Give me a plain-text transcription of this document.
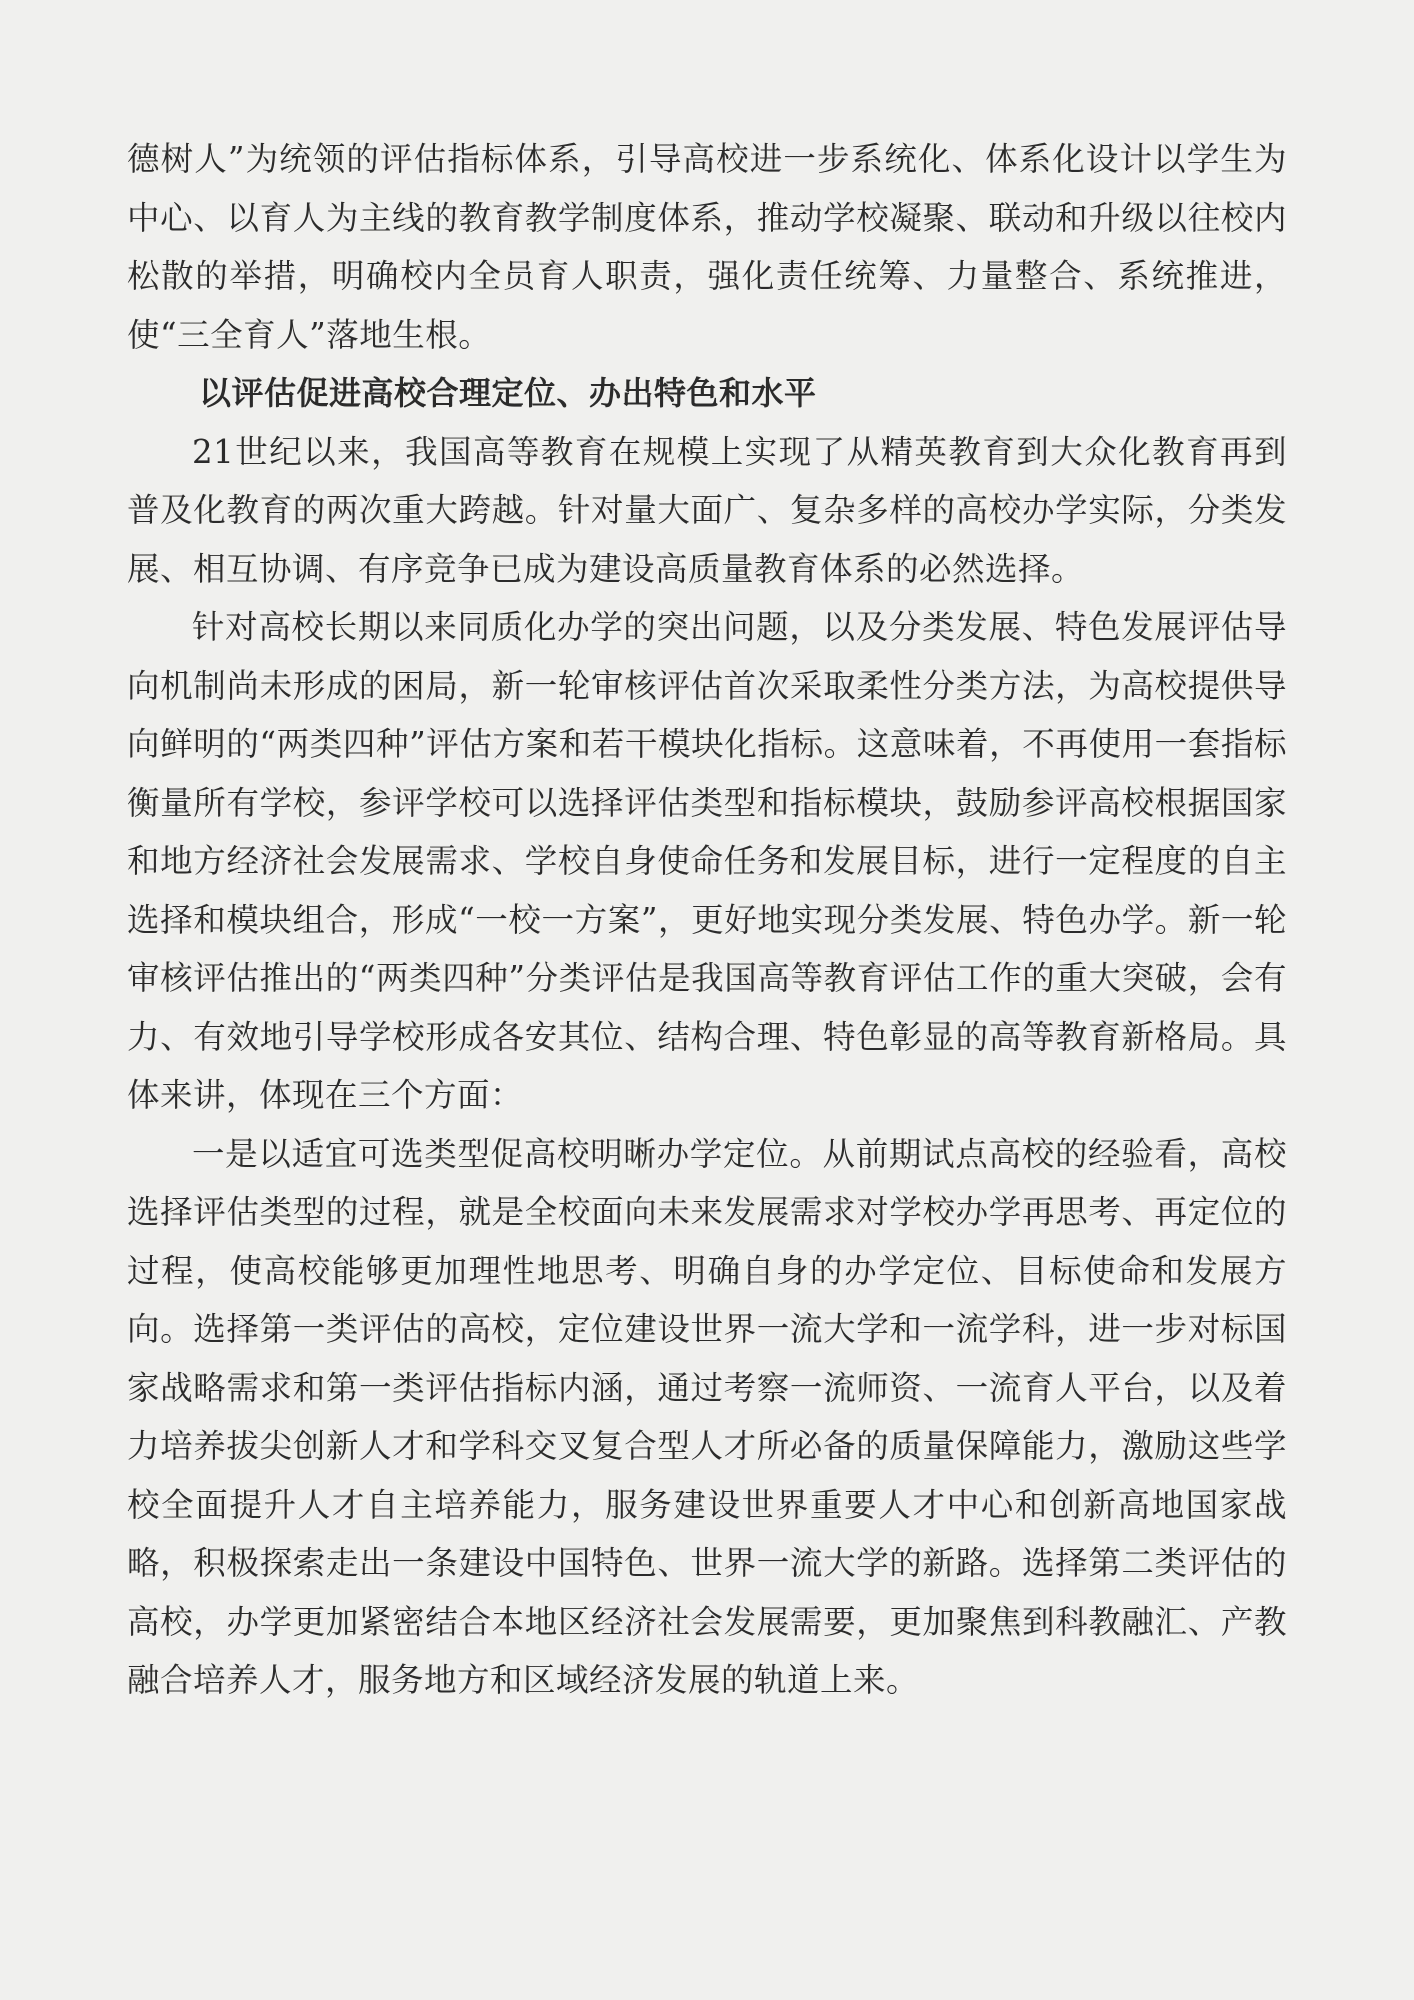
德树人”为统领的评估指标体系，引导高校进一步系统化、体系化设计以学生为中心、以育人为主线的教育教学制度体系，推动学校凝聚、联动和升级以往校内松散的举措，明确校内全员育人职责，强化责任统筹、力量整合、系统推进，使“三全育人”落地生根。

以评估促进高校合理定位、办出特色和水平

21世纪以来，我国高等教育在规模上实现了从精英教育到大众化教育再到普及化教育的两次重大跨越。针对量大面广、复杂多样的高校办学实际，分类发展、相互协调、有序竞争已成为建设高质量教育体系的必然选择。

针对高校长期以来同质化办学的突出问题，以及分类发展、特色发展评估导向机制尚未形成的困局，新一轮审核评估首次采取柔性分类方法，为高校提供导向鲜明的“两类四种”评估方案和若干模块化指标。这意味着，不再使用一套指标衡量所有学校，参评学校可以选择评估类型和指标模块，鼓励参评高校根据国家和地方经济社会发展需求、学校自身使命任务和发展目标，进行一定程度的自主选择和模块组合，形成“一校一方案”，更好地实现分类发展、特色办学。新一轮审核评估推出的“两类四种”分类评估是我国高等教育评估工作的重大突破，会有力、有效地引导学校形成各安其位、结构合理、特色彰显的高等教育新格局。具体来讲，体现在三个方面：

一是以适宜可选类型促高校明晰办学定位。从前期试点高校的经验看，高校选择评估类型的过程，就是全校面向未来发展需求对学校办学再思考、再定位的过程，使高校能够更加理性地思考、明确自身的办学定位、目标使命和发展方向。选择第一类评估的高校，定位建设世界一流大学和一流学科，进一步对标国家战略需求和第一类评估指标内涵，通过考察一流师资、一流育人平台，以及着力培养拔尖创新人才和学科交叉复合型人才所必备的质量保障能力，激励这些学校全面提升人才自主培养能力，服务建设世界重要人才中心和创新高地国家战略，积极探索走出一条建设中国特色、世界一流大学的新路。选择第二类评估的高校，办学更加紧密结合本地区经济社会发展需要，更加聚焦到科教融汇、产教融合培养人才，服务地方和区域经济发展的轨道上来。
